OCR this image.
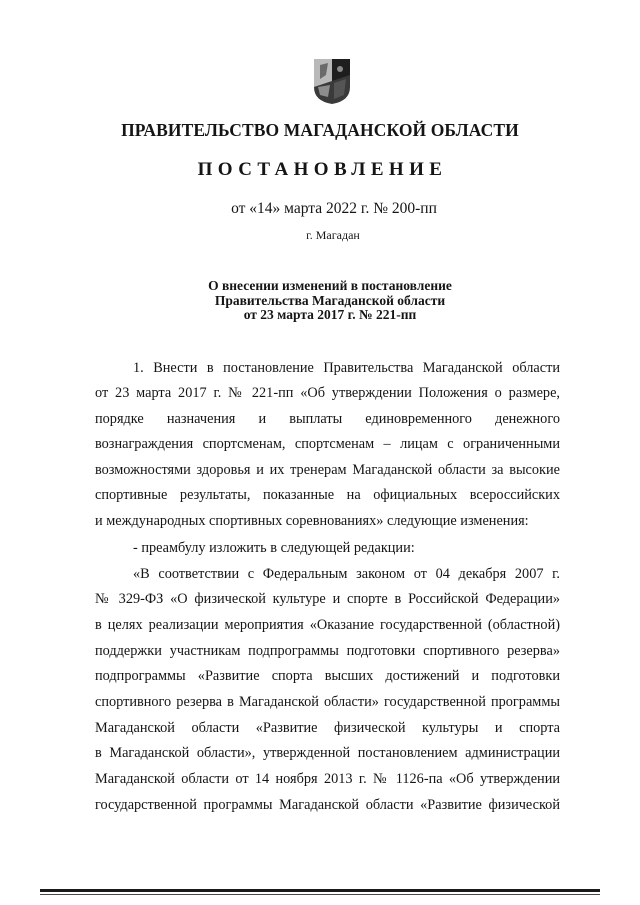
ПРАВИТЕЛЬСТВО МАГАДАНСКОЙ ОБЛАСТИ
ПОСТАНОВЛЕНИЕ
от «14» марта 2022 г. № 200-пп
г. Магадан
О внесении изменений в постановление
Правительства Магаданской области
от 23 марта 2017 г. № 221-пп
1. Внести в постановление Правительства Магаданской области
от 23 марта 2017 г. № 221-пп «Об утверждении Положения о размере,
порядке назначения и выплаты единовременного денежного
вознаграждения спортсменам, спортсменам – лицам с ограниченными
возможностями здоровья и их тренерам Магаданской области за высокие
спортивные результаты, показанные на официальных всероссийских
и международных спортивных соревнованиях» следующие изменения:
- преамбулу изложить в следующей редакции:
«В соответствии с Федеральным законом от 04 декабря 2007 г.
№ 329-ФЗ «О физической культуре и спорте в Российской Федерации»
в целях реализации мероприятия «Оказание государственной (областной)
поддержки участникам подпрограммы подготовки спортивного резерва»
подпрограммы «Развитие спорта высших достижений и подготовки
спортивного резерва в Магаданской области» государственной программы
Магаданской области «Развитие физической культуры и спорта
в Магаданской области», утвержденной постановлением администрации
Магаданской области от 14 ноября 2013 г. № 1126-па «Об утверждении
государственной программы Магаданской области «Развитие физической
